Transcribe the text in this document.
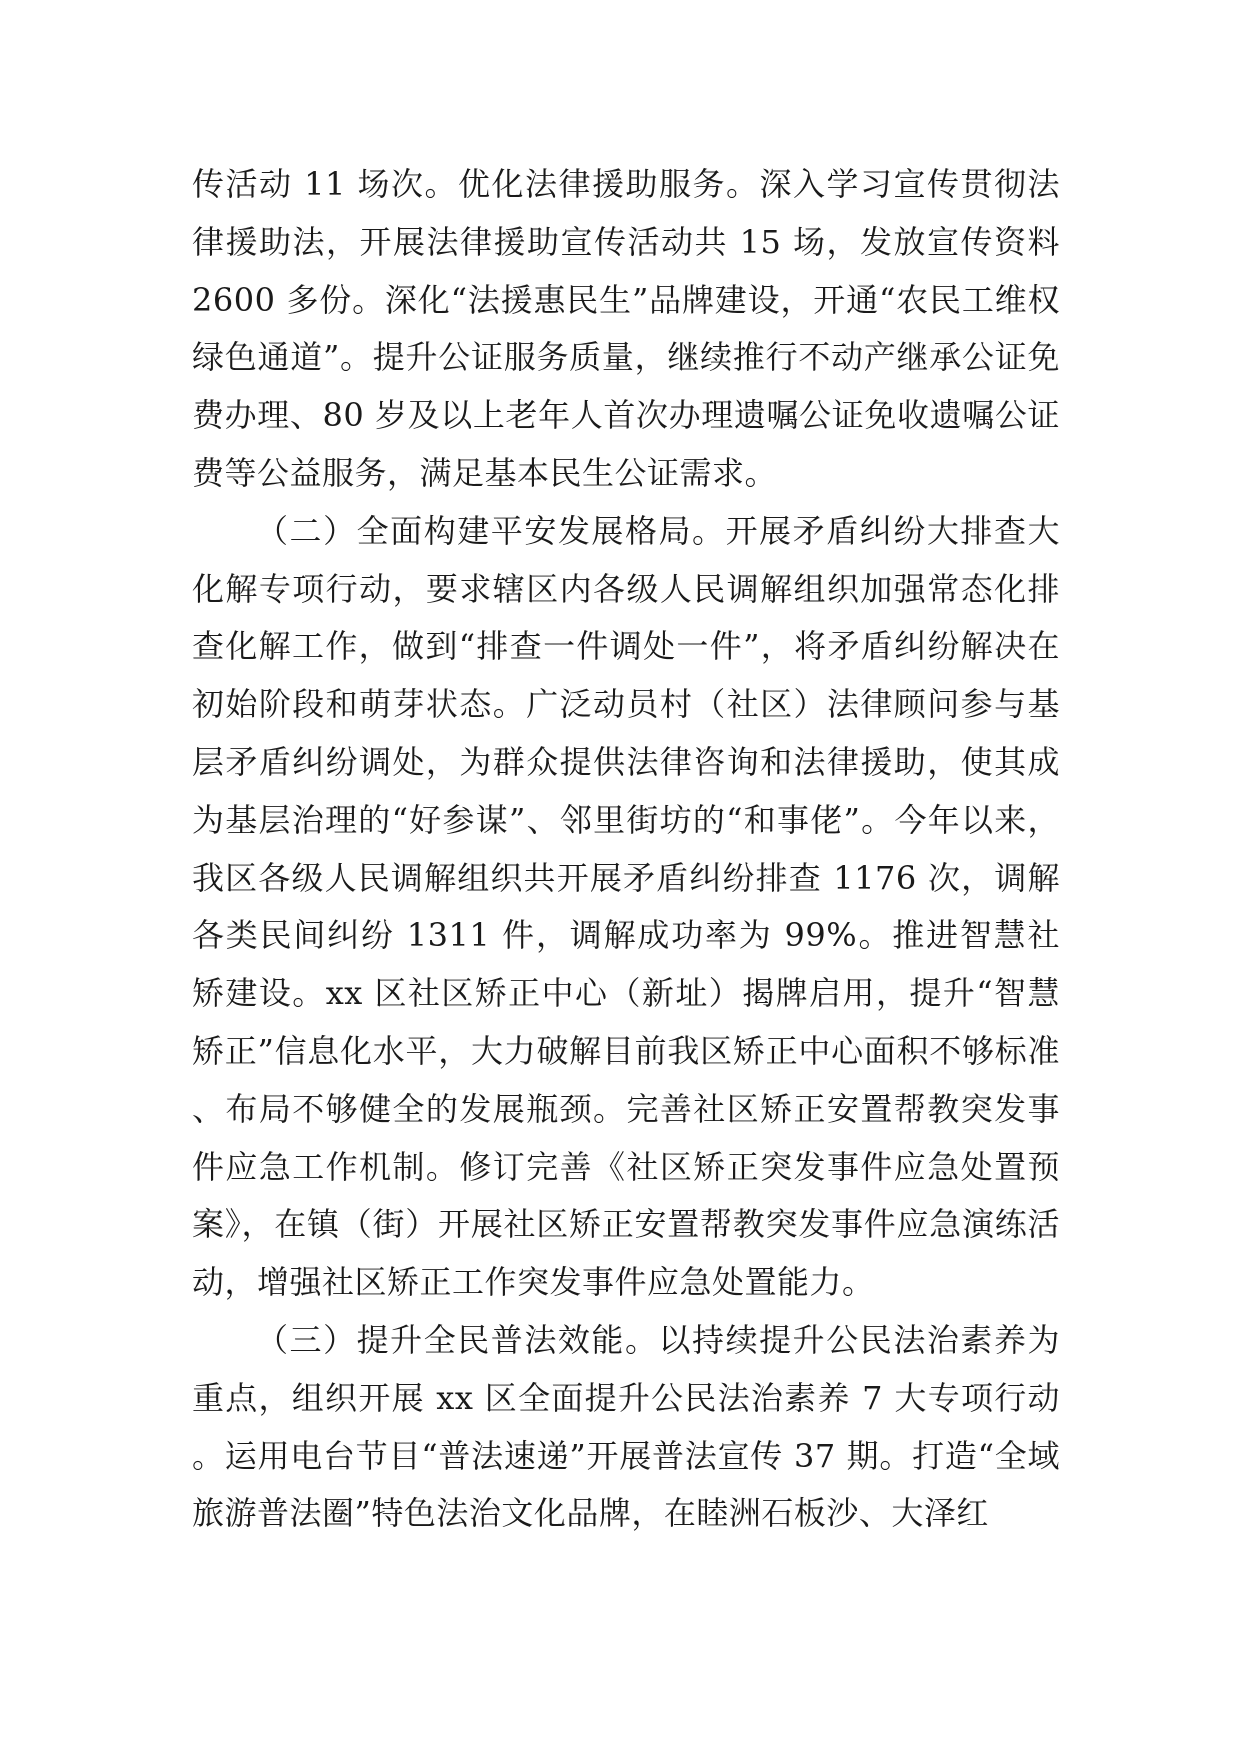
传活动 11 场次。优化法律援助服务。深入学习宣传贯彻法律援助法，开展法律援助宣传活动共 15 场，发放宣传资料 2600 多份。深化“法援惠民生”品牌建设，开通“农民工维权绿色通道”。提升公证服务质量，继续推行不动产继承公证免费办理、80 岁及以上老年人首次办理遗嘱公证免收遗嘱公证费等公益服务，满足基本民生公证需求。

（二）全面构建平安发展格局。开展矛盾纠纷大排查大化解专项行动，要求辖区内各级人民调解组织加强常态化排查化解工作，做到“排查一件调处一件”，将矛盾纠纷解决在初始阶段和萌芽状态。广泛动员村（社区）法律顾问参与基层矛盾纠纷调处，为群众提供法律咨询和法律援助，使其成为基层治理的“好参谋”、邻里街坊的“和事佬”。今年以来，我区各级人民调解组织共开展矛盾纠纷排查 1176 次，调解各类民间纠纷 1311 件，调解成功率为 99%。推进智慧社矫建设。xx 区社区矫正中心（新址）揭牌启用，提升“智慧矫正”信息化水平，大力破解目前我区矫正中心面积不够标准、布局不够健全的发展瓶颈。完善社区矫正安置帮教突发事件应急工作机制。修订完善《社区矫正突发事件应急处置预案》，在镇（街）开展社区矫正安置帮教突发事件应急演练活动，增强社区矫正工作突发事件应急处置能力。

（三）提升全民普法效能。以持续提升公民法治素养为重点，组织开展 xx 区全面提升公民法治素养 7 大专项行动。运用电台节目“普法速递”开展普法宣传 37 期。打造“全域旅游普法圈”特色法治文化品牌，在睦洲石板沙、大泽红
